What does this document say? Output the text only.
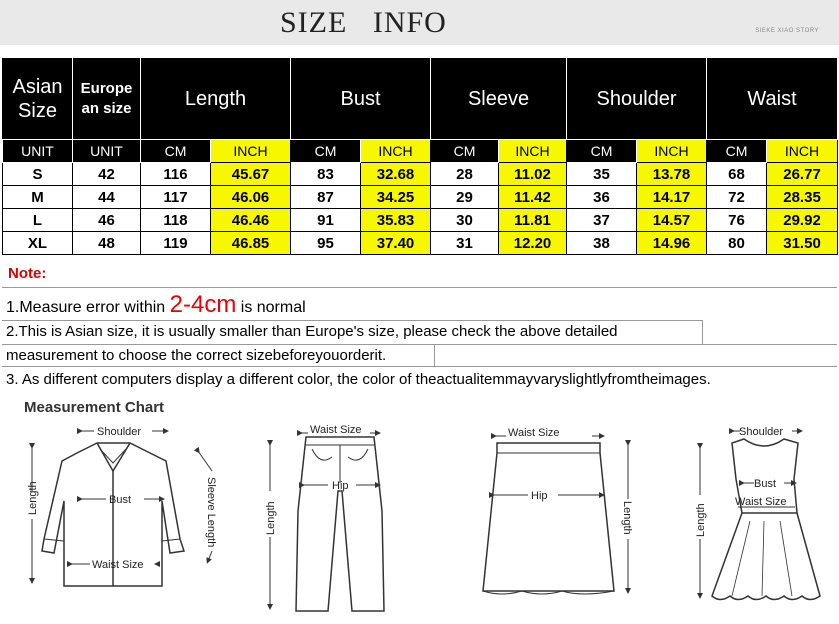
SIZE   INFO	SIEKE XIAO STORY
Asian Size	Europe an size	Length		Bust		Sleeve		Shoulder		Waist	
UNIT	UNIT	CM	INCH	CM	INCH	CM	INCH	CM	INCH	CM	INCH
S	42	116	45.67	83	32.68	28	11.02	35	13.78	68	26.77
M	44	117	46.06	87	34.25	29	11.42	36	14.17	72	28.35
L	46	118	46.46	91	35.83	30	11.81	37	14.57	76	29.92
XL	48	119	46.85	95	37.40	31	12.20	38	14.96	80	31.50
Note:
1.Measure error within 2-4cm is normal
2.This is Asian size, it is usually smaller than Europe's size, please check the above detailed
measurement to choose the correct sizebeforeyouorderit.
3. As different computers display a different color, the color of theactualitemmayvaryslightlyfromtheimages.
Measurement Chart
Shoulder
Bust
Waist Size
Length	Sleeve Length
Waist Size
Hip
Length
Waist Size
Hip
Length
Shoulder
Bust
Waist Size
Length
